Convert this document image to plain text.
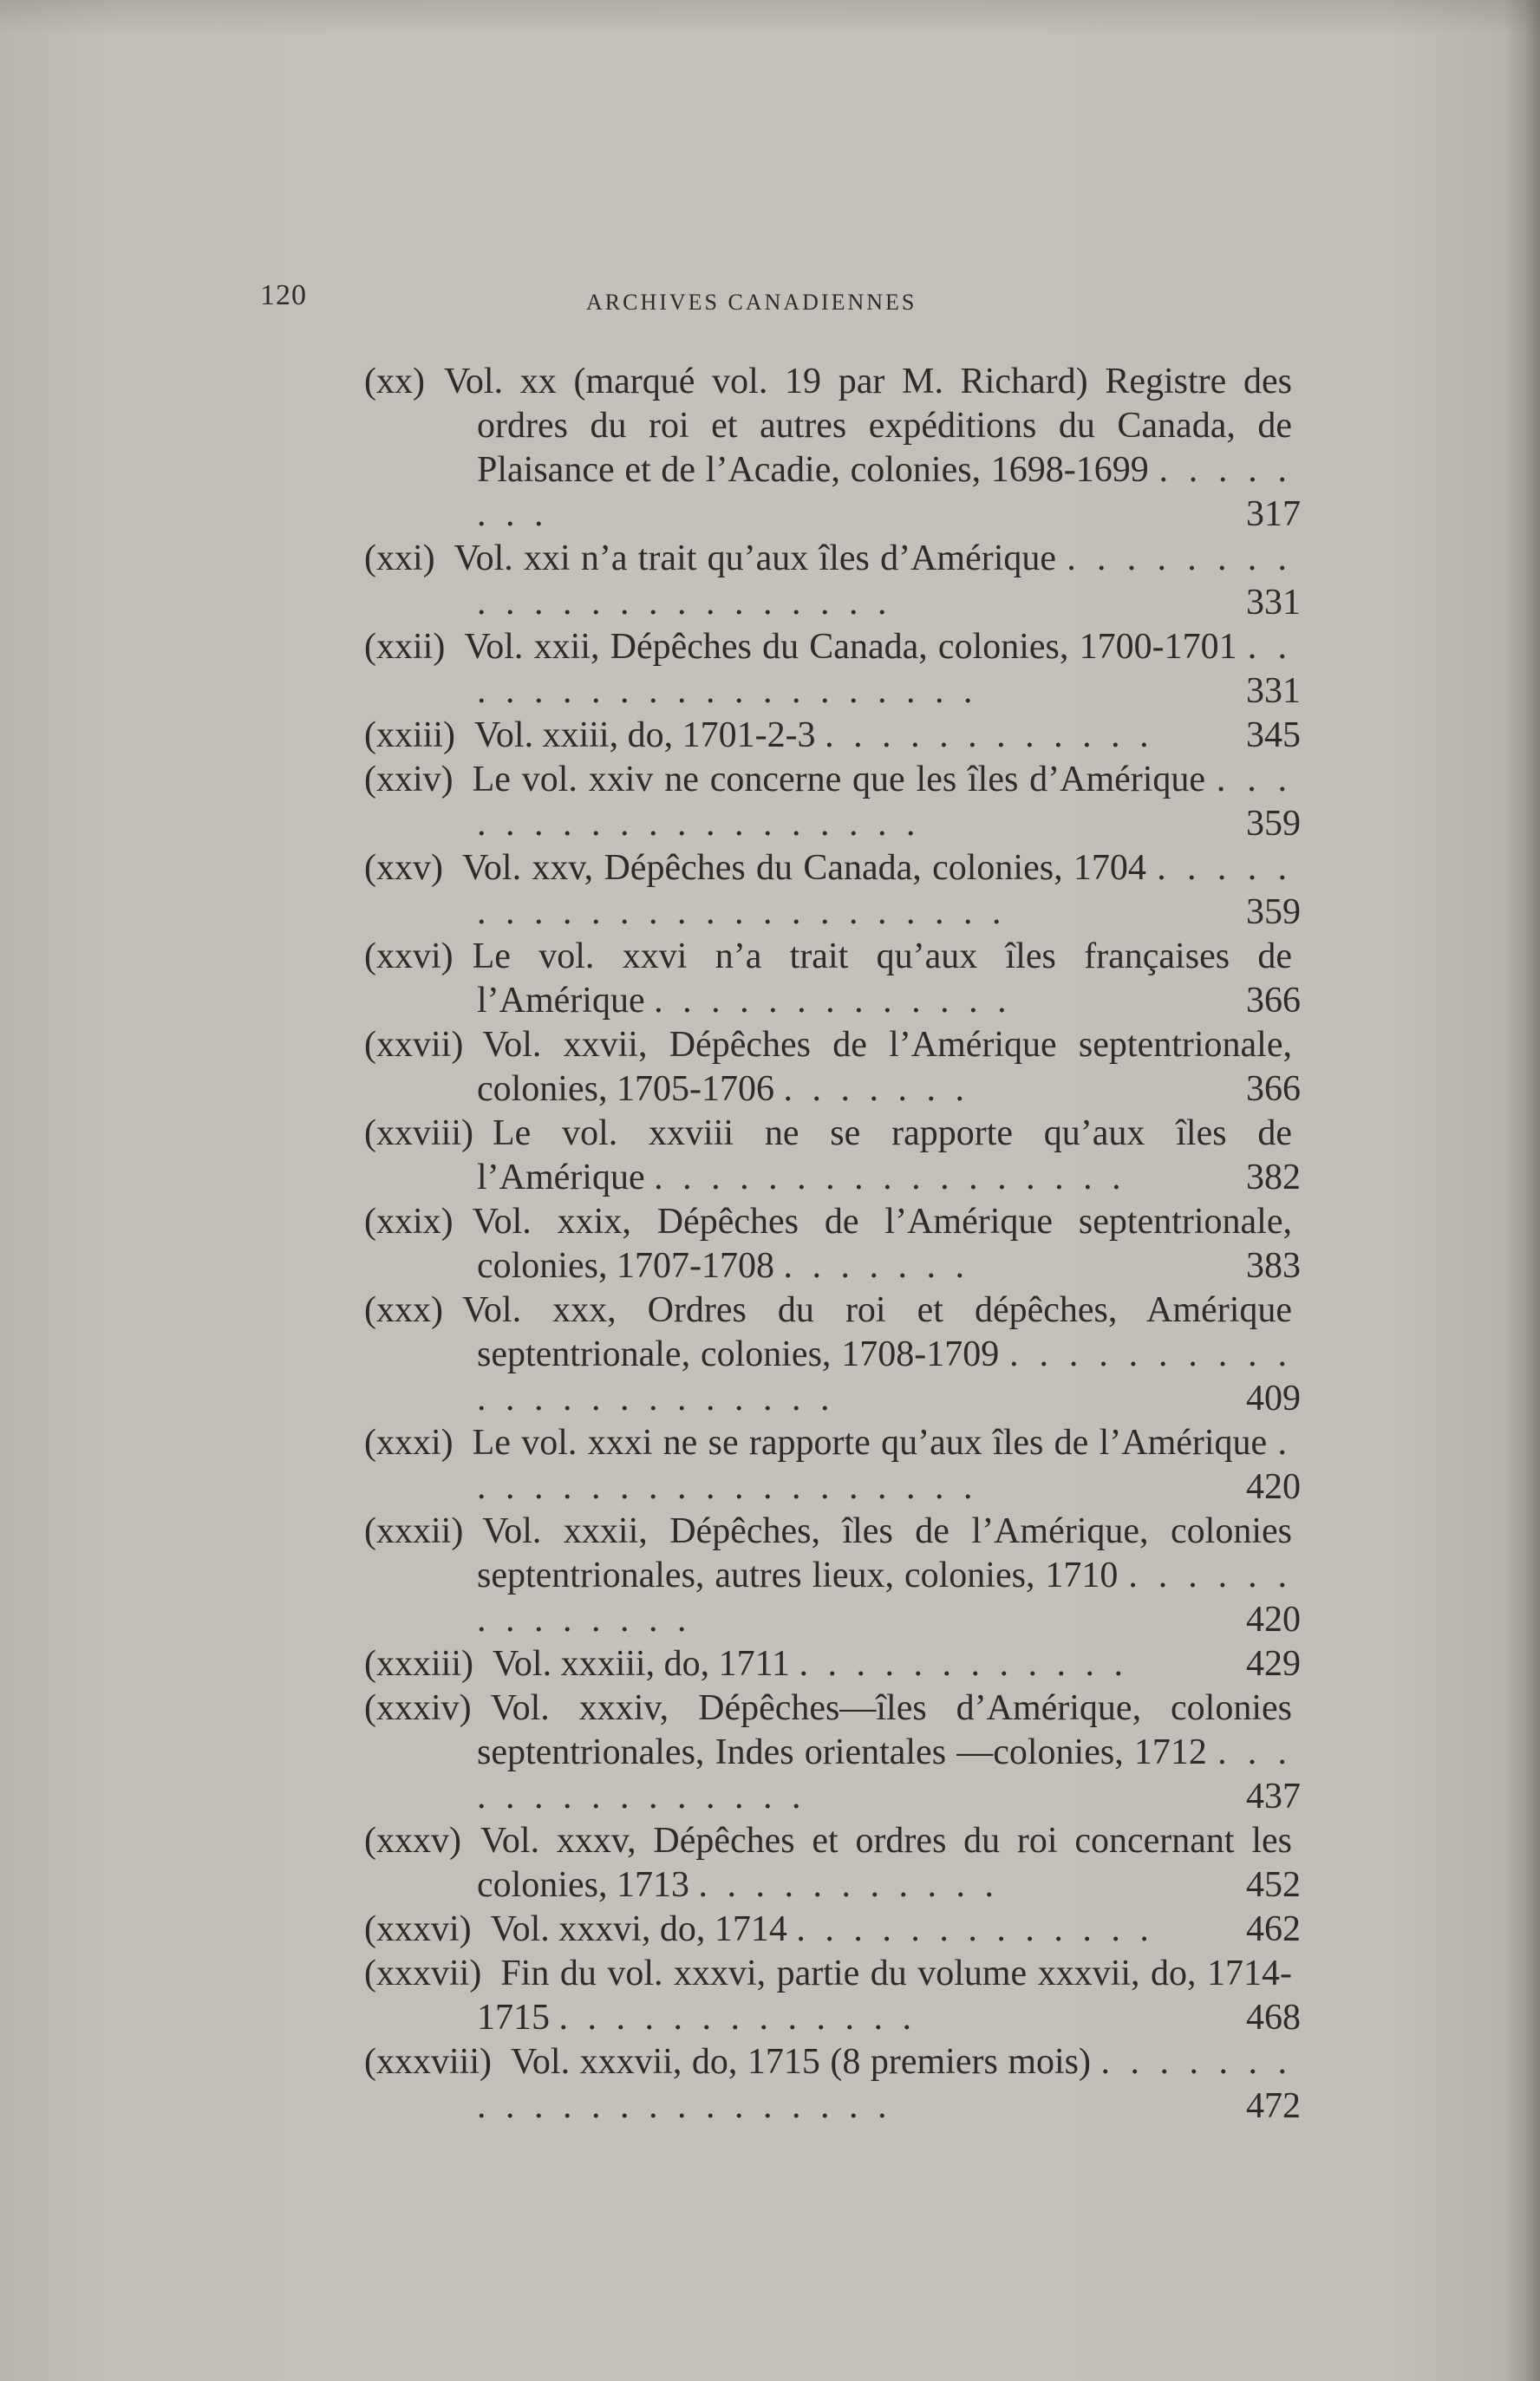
120	ARCHIVES CANADIENNES
(xx) Vol. xx (marqué vol. 19 par M. Richard) Registre des ordres du roi et autres expéditions du Canada, de Plaisance et de l’Acadie, colonies, 1698-1699 . . . . . . . .	317
(xxi) Vol. xxi n’a trait qu’aux îles d’Amérique . . . . . . . . . . . . . . . . . . . . . . .	331
(xxii) Vol. xxii, Dépêches du Canada, colonies, 1700-1701 . . . . . . . . . . . . . . . . . . . .	331
(xxiii) Vol. xxiii, do, 1701-2-3 . . . . . . . . . . . .	345
(xxiv) Le vol. xxiv ne concerne que les îles d’Amérique . . . . . . . . . . . . . . . . . . .	359
(xxv) Vol. xxv, Dépêches du Canada, colonies, 1704 . . . . . . . . . . . . . . . . . . . . . . . .	359
(xxvi) Le vol. xxvi n’a trait qu’aux îles françaises de l’Amérique . . . . . . . . . . . . .	366
(xxvii) Vol. xxvii, Dépêches de l’Amérique septentrionale, colonies, 1705-1706 . . . . . . .	366
(xxviii) Le vol. xxviii ne se rapporte qu’aux îles de l’Amérique . . . . . . . . . . . . . . . . .	382
(xxix) Vol. xxix, Dépêches de l’Amérique septentrionale, colonies, 1707-1708 . . . . . . .	383
(xxx) Vol. xxx, Ordres du roi et dépêches, Amérique septentrionale, colonies, 1708-1709 . . . . . . . . . . . . . . . . . . . . . . .	409
(xxxi) Le vol. xxxi ne se rapporte qu’aux îles de l’Amérique . . . . . . . . . . . . . . . . . . .	420
(xxxii) Vol. xxxii, Dépêches, îles de l’Amérique, colonies septentrionales, autres lieux, colonies, 1710 . . . . . . . . . . . . . .	420
(xxxiii) Vol. xxxiii, do, 1711 . . . . . . . . . . . .	429
(xxxiv) Vol. xxxiv, Dépêches—îles d’Amérique, colonies septentrionales, Indes orientales —colonies, 1712 . . . . . . . . . . . . . . .	437
(xxxv) Vol. xxxv, Dépêches et ordres du roi concernant les colonies, 1713 . . . . . . . . . . .	452
(xxxvi) Vol. xxxvi, do, 1714 . . . . . . . . . . . . .	462
(xxxvii) Fin du vol. xxxvi, partie du volume xxxvii, do, 1714-1715 . . . . . . . . . . . . .	468
(xxxviii) Vol. xxxvii, do, 1715 (8 premiers mois) . . . . . . . . . . . . . . . . . . . . . .	472
